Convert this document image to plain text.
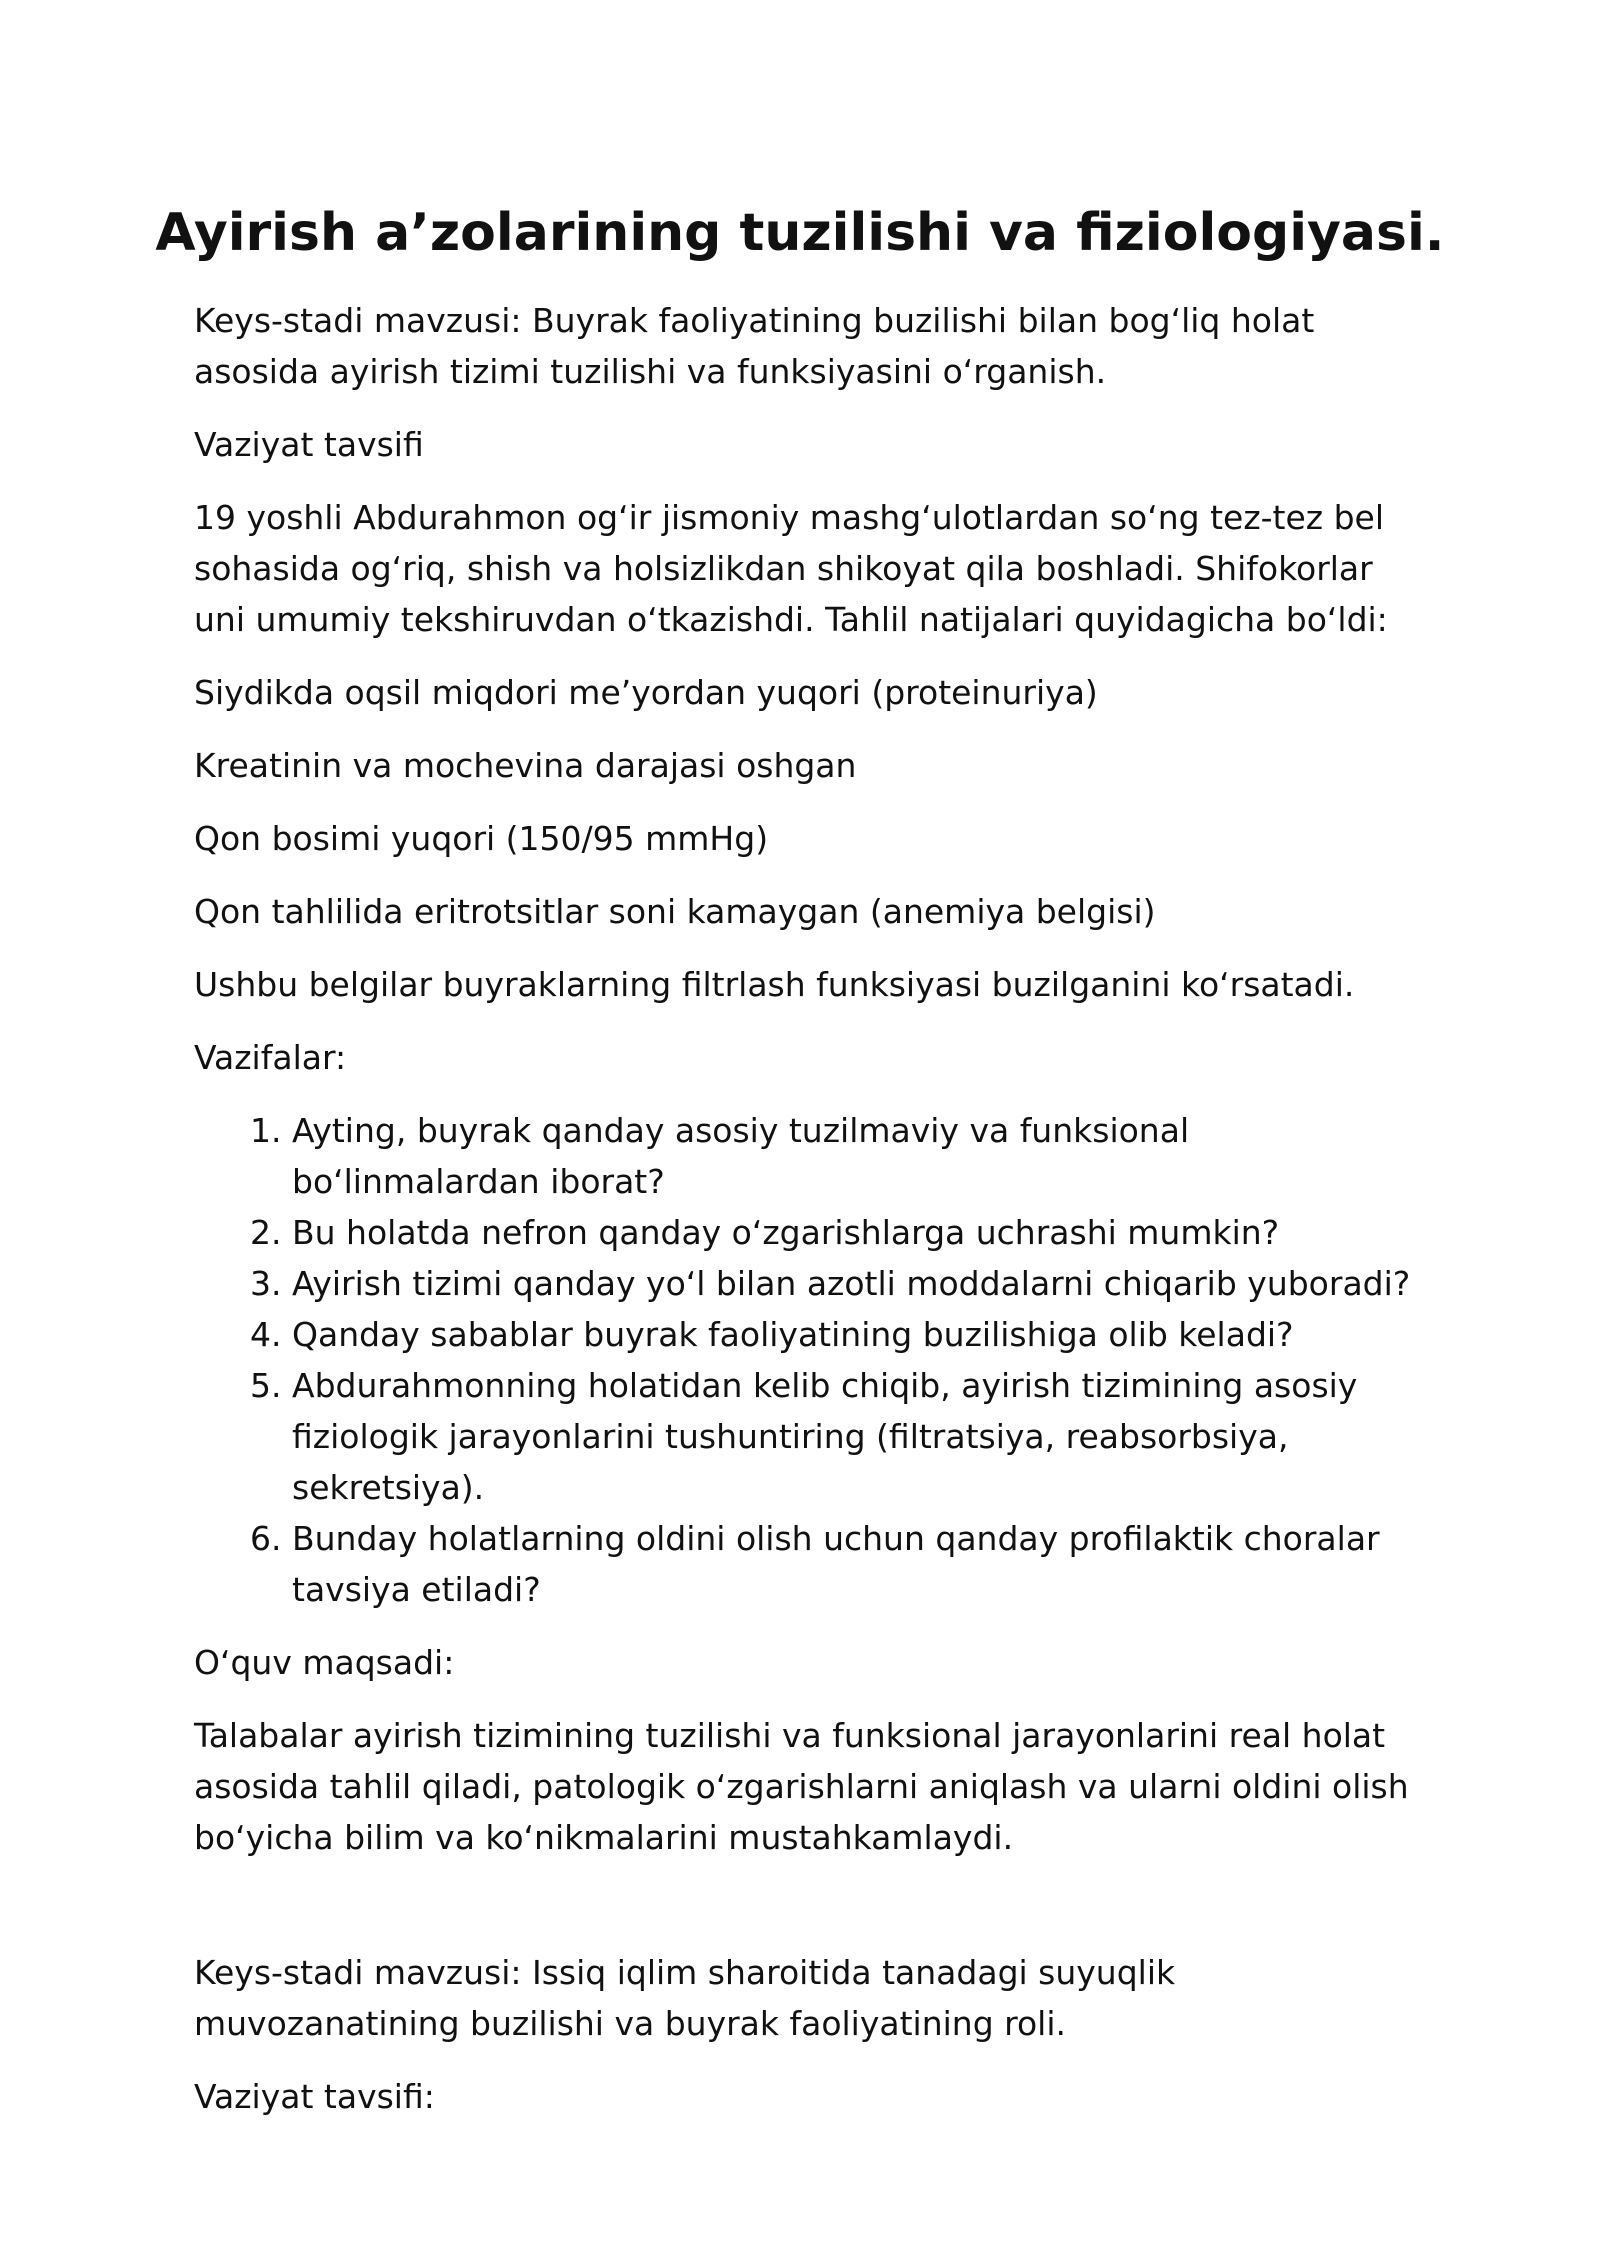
Ayirish a’zolarining tuzilishi va fiziologiyasi.

Keys-stadi mavzusi: Buyrak faoliyatining buzilishi bilan bog‘liq holat asosida ayirish tizimi tuzilishi va funksiyasini o‘rganish.

Vaziyat tavsifi

19 yoshli Abdurahmon og‘ir jismoniy mashg‘ulotlardan so‘ng tez-tez bel sohasida og‘riq, shish va holsizlikdan shikoyat qila boshladi. Shifokorlar uni umumiy tekshiruvdan o‘tkazishdi. Tahlil natijalari quyidagicha bo‘ldi:

Siydikda oqsil miqdori me’yordan yuqori (proteinuriya)

Kreatinin va mochevina darajasi oshgan

Qon bosimi yuqori (150/95 mmHg)

Qon tahlilida eritrotsitlar soni kamaygan (anemiya belgisi)

Ushbu belgilar buyraklarning filtrlash funksiyasi buzilganini ko‘rsatadi.

Vazifalar:

1. Ayting, buyrak qanday asosiy tuzilmaviy va funksional bo‘linmalardan iborat?
2. Bu holatda nefron qanday o‘zgarishlarga uchrashi mumkin?
3. Ayirish tizimi qanday yo‘l bilan azotli moddalarni chiqarib yuboradi?
4. Qanday sabablar buyrak faoliyatining buzilishiga olib keladi?
5. Abdurahmonning holatidan kelib chiqib, ayirish tizimining asosiy fiziologik jarayonlarini tushuntiring (filtratsiya, reabsorbsiya, sekretsiya).
6. Bunday holatlarning oldini olish uchun qanday profilaktik choralar tavsiya etiladi?

O‘quv maqsadi:

Talabalar ayirish tizimining tuzilishi va funksional jarayonlarini real holat asosida tahlil qiladi, patologik o‘zgarishlarni aniqlash va ularni oldini olish bo‘yicha bilim va ko‘nikmalarini mustahkamlaydi.

Keys-stadi mavzusi: Issiq iqlim sharoitida tanadagi suyuqlik muvozanatining buzilishi va buyrak faoliyatining roli.

Vaziyat tavsifi:
